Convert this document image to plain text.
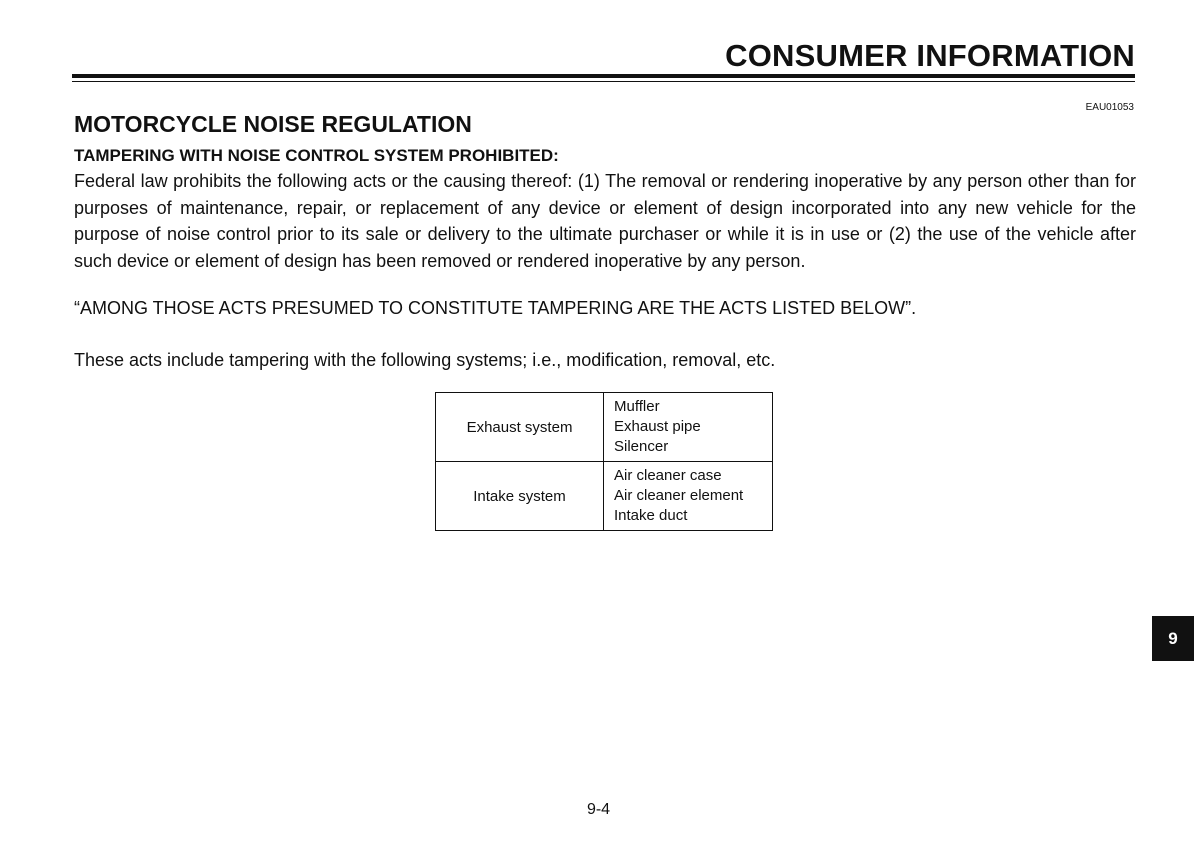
CONSUMER INFORMATION
EAU01053
MOTORCYCLE NOISE REGULATION
TAMPERING WITH NOISE CONTROL SYSTEM PROHIBITED:

Federal law prohibits the following acts or the causing thereof: (1) The removal or rendering inoperative by any person other than for purposes of maintenance, repair, or replacement of any device or element of design incorporated into any new vehicle for the purpose of noise control prior to its sale or delivery to the ultimate purchaser or while it is in use or (2) the use of the vehicle after such device or element of design has been removed or rendered inoperative by any person.

“AMONG THOSE ACTS PRESUMED TO CONSTITUTE TAMPERING ARE THE ACTS LISTED BELOW”.
These acts include tampering with the following systems; i.e., modification, removal, etc.
Exhaust system	Muffler
Exhaust pipe
Silencer

Intake system	Air cleaner case
Air cleaner element
Intake duct
9
9-4
